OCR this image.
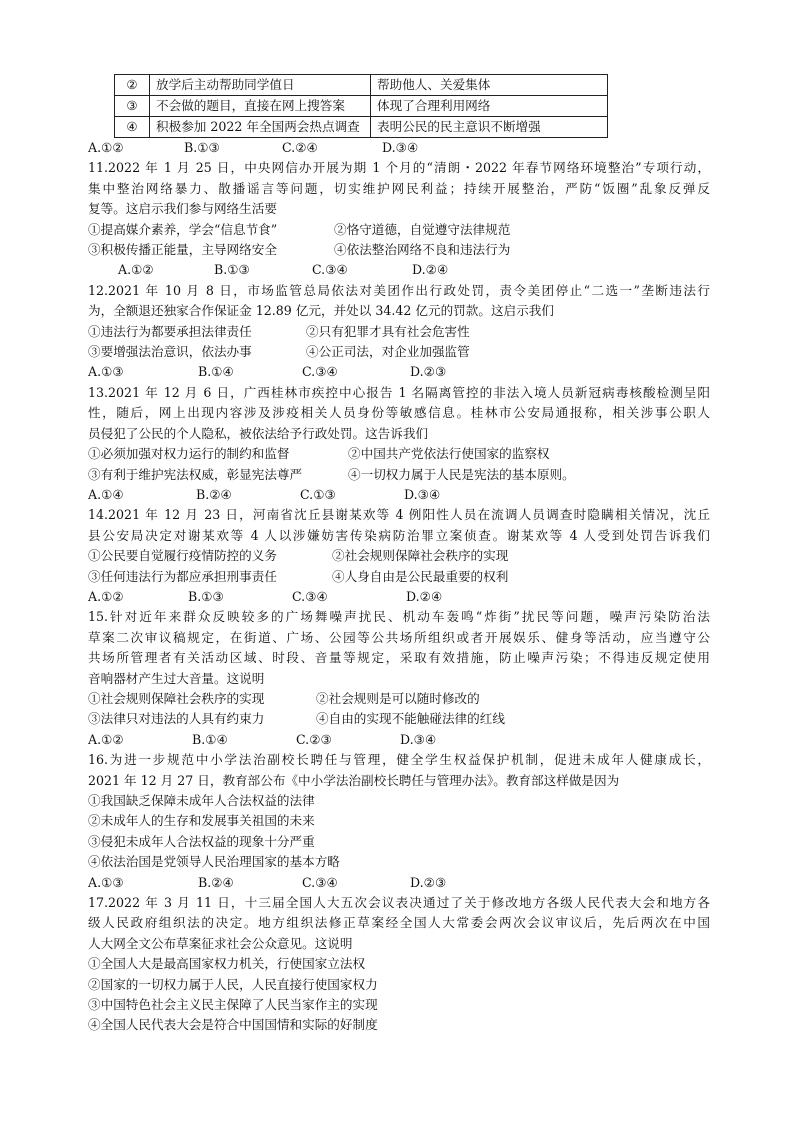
②	放学后主动帮助同学值日	帮助他人、关爱集体
③	不会做的题目，直接在网上搜答案	体现了合理利用网络
④	积极参加 2022 年全国两会热点调查	表明公民的民主意识不断增强
A.①②	B.①③	C.②④	D.③④
11.2022 年 1 月 25 日，中央网信办开展为期 1 个月的“清朗・2022 年春节网络环境整治”专项行动，
集中整治网络暴力、散播谣言等问题，切实维护网民利益；持续开展整治，严防“饭圈”乱象反弹反
复等。这启示我们参与网络生活要
①提高媒介素养，学会“信息节食”	②恪守道德，自觉遵守法律规范
③积极传播正能量，主导网络安全	④依法整治网络不良和违法行为
A.①②	B.①③	C.③④	D.②④
12.2021 年 10 月 8 日，市场监管总局依法对美团作出行政处罚，责令美团停止“二选一”垄断违法行
为，全额退还独家合作保证金 12.89 亿元，并处以 34.42 亿元的罚款。这启示我们
①违法行为都要承担法律责任	②只有犯罪才具有社会危害性
③要增强法治意识，依法办事	④公正司法，对企业加强监管
A.①③	B.①④	C.③④	D.②③
13.2021 年 12 月 6 日，广西桂林市疾控中心报告 1 名隔离管控的非法入境人员新冠病毒核酸检测呈阳
性，随后，网上出现内容涉及涉疫相关人员身份等敏感信息。桂林市公安局通报称，相关涉事公职人
员侵犯了公民的个人隐私，被依法给予行政处罚。这告诉我们
①必须加强对权力运行的制约和监督	②中国共产党依法行使国家的监察权
③有利于维护宪法权威，彰显宪法尊严	④一切权力属于人民是宪法的基本原则。
A.①④	B.②④	C.①③	D.③④
14.2021 年 12 月 23 日，河南省沈丘县谢某欢等 4 例阳性人员在流调人员调查时隐瞒相关情况，沈丘
县公安局决定对谢某欢等 4 人以涉嫌妨害传染病防治罪立案侦查。谢某欢等 4 人受到处罚告诉我们
①公民要自觉履行疫情防控的义务	②社会规则保障社会秩序的实现
③任何违法行为都应承担刑事责任	④人身自由是公民最重要的权利
A.①②	B.①③	C.③④	D.②④
15.针对近年来群众反映较多的广场舞噪声扰民、机动车轰鸣“炸街”扰民等问题，噪声污染防治法
草案二次审议稿规定，在街道、广场、公园等公共场所组织或者开展娱乐、健身等活动，应当遵守公
共场所管理者有关活动区域、时段、音量等规定，采取有效措施，防止噪声污染；不得违反规定使用
音响器材产生过大音量。这说明
①社会规则保障社会秩序的实现	②社会规则是可以随时修改的
③法律只对违法的人具有约束力	④自由的实现不能触碰法律的红线
A.①②	B.①④	C.②③	D.③④
16.为进一步规范中小学法治副校长聘任与管理，健全学生权益保护机制，促进未成年人健康成长，
2021 年 12 月 27 日，教育部公布《中小学法治副校长聘任与管理办法》。教育部这样做是因为
①我国缺乏保障未成年人合法权益的法律
②未成年人的生存和发展事关祖国的未来
③侵犯未成年人合法权益的现象十分严重
④依法治国是党领导人民治理国家的基本方略
A.①③	B.②④	C.③④	D.②③
17.2022 年 3 月 11 日，十三届全国人大五次会议表决通过了关于修改地方各级人民代表大会和地方各
级人民政府组织法的决定。地方组织法修正草案经全国人大常委会两次会议审议后，先后两次在中国
人大网全文公布草案征求社会公众意见。这说明
①全国人大是最高国家权力机关，行使国家立法权
②国家的一切权力属于人民，人民直接行使国家权力
③中国特色社会主义民主保障了人民当家作主的实现
④全国人民代表大会是符合中国国情和实际的好制度
